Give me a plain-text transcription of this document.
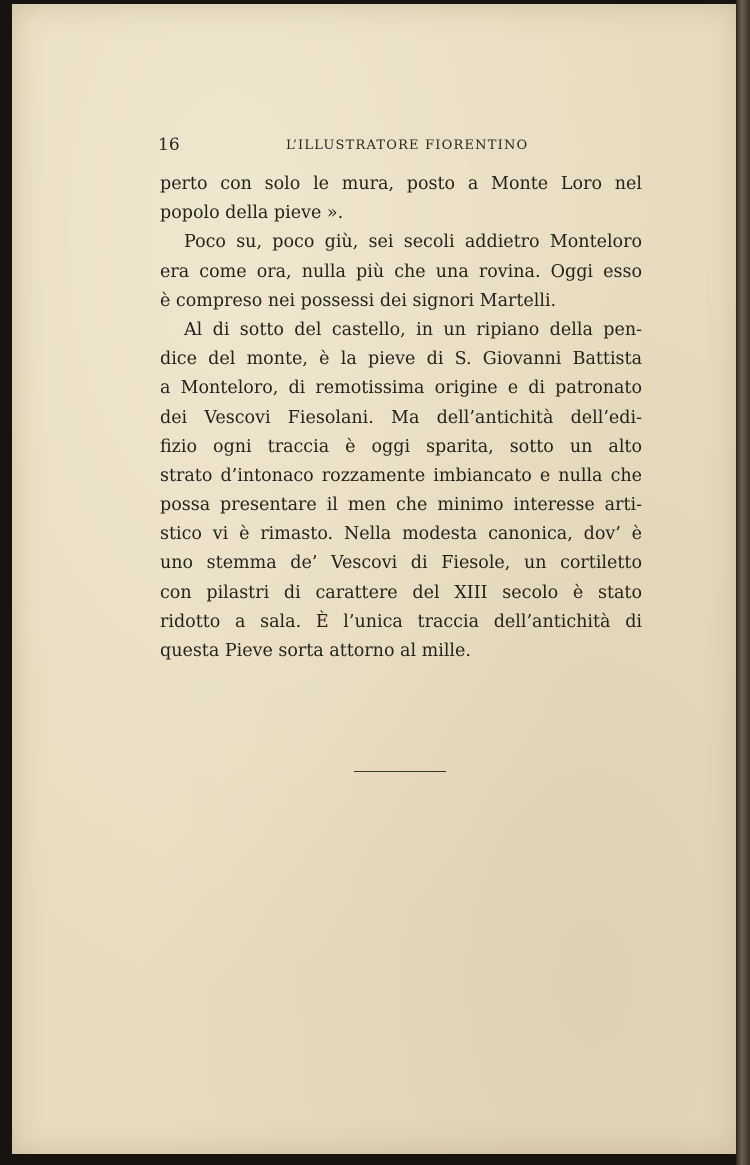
16	L’ILLUSTRATORE FIORENTINO
perto con solo le mura, posto a Monte Loro nel
popolo della pieve ».
Poco su, poco giù, sei secoli addietro Monteloro
era come ora, nulla più che una rovina. Oggi esso
è compreso nei possessi dei signori Martelli.
Al di sotto del castello, in un ripiano della pen-
dice del monte, è la pieve di S. Giovanni Battista
a Monteloro, di remotissima origine e di patronato
dei Vescovi Fiesolani. Ma dell’antichità dell’edi-
fizio ogni traccia è oggi sparita, sotto un alto
strato d’intonaco rozzamente imbiancato e nulla che
possa presentare il men che minimo interesse arti-
stico vi è rimasto. Nella modesta canonica, dov’ è
uno stemma de’ Vescovi di Fiesole, un cortiletto
con pilastri di carattere del XIII secolo è stato
ridotto a sala. È l’unica traccia dell’antichità di
questa Pieve sorta attorno al mille.
